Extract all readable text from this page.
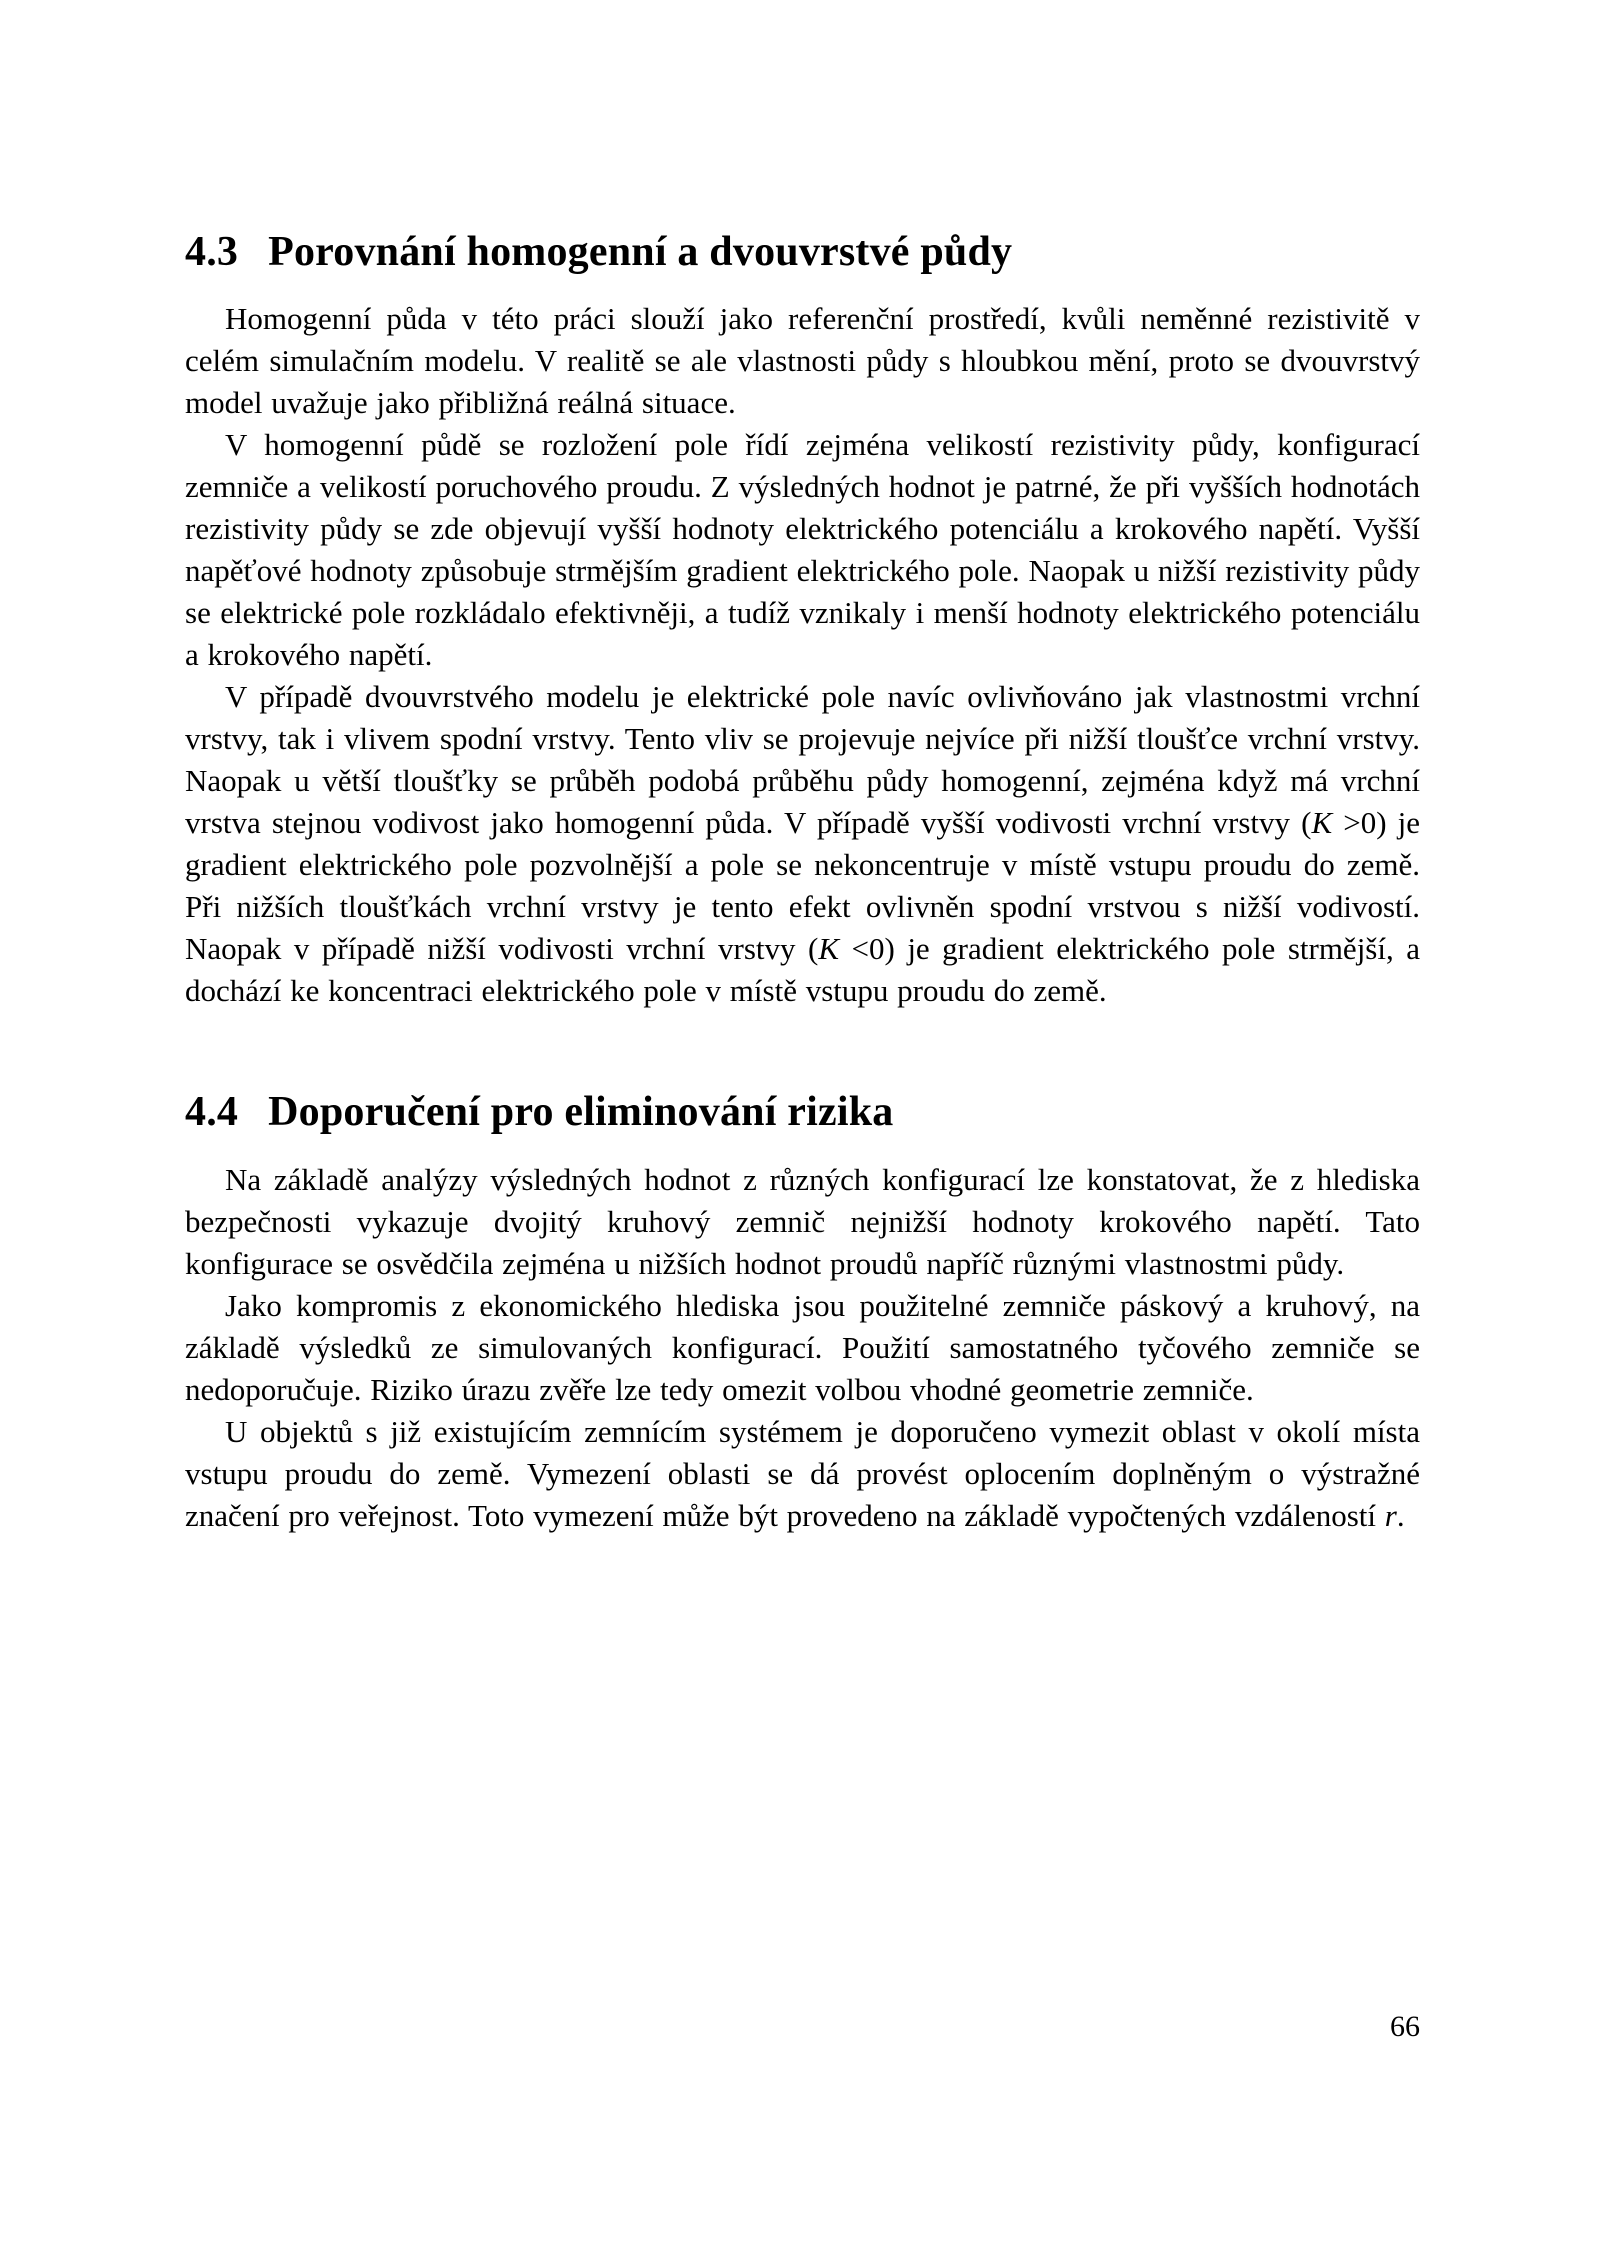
4.3 Porovnání homogenní a dvouvrstvé půdy

Homogenní půda v této práci slouží jako referenční prostředí, kvůli neměnné rezistivitě v celém simulačním modelu. V realitě se ale vlastnosti půdy s hloubkou mění, proto se dvouvrstvý model uvažuje jako přibližná reálná situace.

V homogenní půdě se rozložení pole řídí zejména velikostí rezistivity půdy, konfigurací zemniče a velikostí poruchového proudu. Z výsledných hodnot je patrné, že při vyšších hodnotách rezistivity půdy se zde objevují vyšší hodnoty elektrického potenciálu a krokového napětí. Vyšší napěťové hodnoty způsobuje strmějším gradient elektrického pole. Naopak u nižší rezistivity půdy se elektrické pole rozkládalo efektivněji, a tudíž vznikaly i menší hodnoty elektrického potenciálu a krokového napětí.

V případě dvouvrstvého modelu je elektrické pole navíc ovlivňováno jak vlastnostmi vrchní vrstvy, tak i vlivem spodní vrstvy. Tento vliv se projevuje nejvíce při nižší tloušťce vrchní vrstvy. Naopak u větší tloušťky se průběh podobá průběhu půdy homogenní, zejména když má vrchní vrstva stejnou vodivost jako homogenní půda. V případě vyšší vodivosti vrchní vrstvy (K >0) je gradient elektrického pole pozvolnější a pole se nekoncentruje v místě vstupu proudu do země. Při nižších tloušťkách vrchní vrstvy je tento efekt ovlivněn spodní vrstvou s nižší vodivostí. Naopak v případě nižší vodivosti vrchní vrstvy (K <0) je gradient elektrického pole strmější, a dochází ke koncentraci elektrického pole v místě vstupu proudu do země.

4.4 Doporučení pro eliminování rizika

Na základě analýzy výsledných hodnot z různých konfigurací lze konstatovat, že z hlediska bezpečnosti vykazuje dvojitý kruhový zemnič nejnižší hodnoty krokového napětí. Tato konfigurace se osvědčila zejména u nižších hodnot proudů napříč různými vlastnostmi půdy.

Jako kompromis z ekonomického hlediska jsou použitelné zemniče páskový a kruhový, na základě výsledků ze simulovaných konfigurací. Použití samostatného tyčového zemniče se nedoporučuje. Riziko úrazu zvěře lze tedy omezit volbou vhodné geometrie zemniče.

U objektů s již existujícím zemnícím systémem je doporučeno vymezit oblast v okolí místa vstupu proudu do země. Vymezení oblasti se dá provést oplocením doplněným o výstražné značení pro veřejnost. Toto vymezení může být provedeno na základě vypočtených vzdáleností r.

66
